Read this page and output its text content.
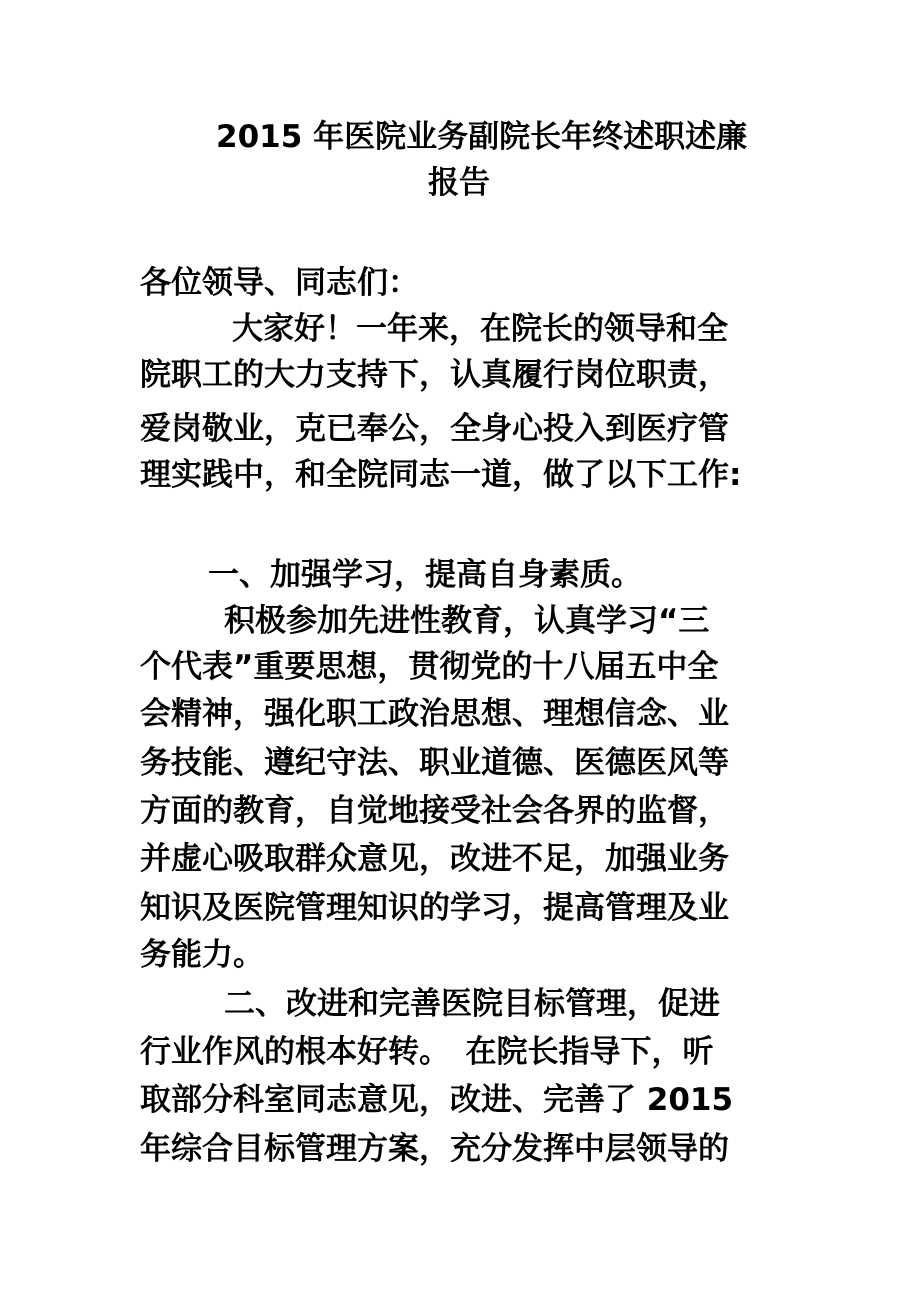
2015 年医院业务副院长年终述职述廉
报告
各位领导、同志们：
大家好！一年来，在院长的领导和全
院职工的大力支持下，认真履行岗位职责，
爱岗敬业，克已奉公，全身心投入到医疗管
理实践中，和全院同志一道，做了以下工作:
一、加强学习，提高自身素质。
积极参加先进性教育，认真学习“三
个代表”重要思想，贯彻党的十八届五中全
会精神，强化职工政治思想、理想信念、业
务技能、遵纪守法、职业道德、医德医风等
方面的教育，自觉地接受社会各界的监督，
并虚心吸取群众意见，改进不足，加强业务
知识及医院管理知识的学习，提高管理及业
务能力。
二、改进和完善医院目标管理，促进
行业作风的根本好转。　在院长指导下，听
取部分科室同志意见，改进、完善了 2015
年综合目标管理方案，充分发挥中层领导的
